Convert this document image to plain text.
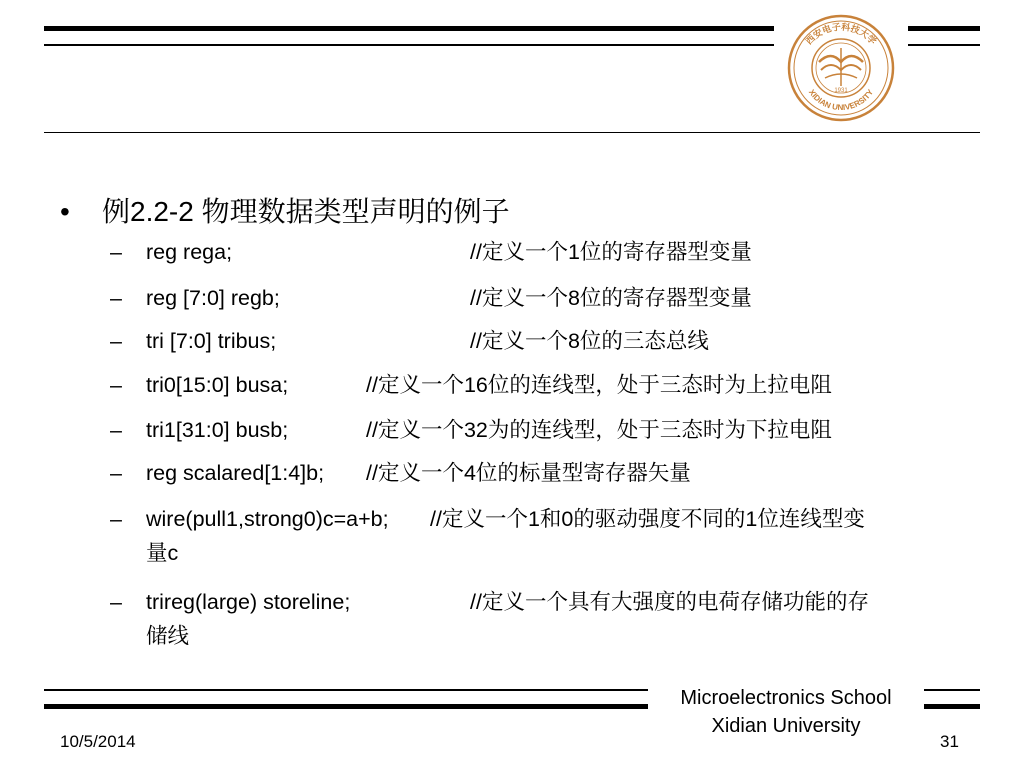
西安电子科技大学
XIDIAN UNIVERSITY
1931
• 例2.2-2 物理数据类型声明的例子
– reg rega;	//定义一个1位的寄存器型变量
– reg [7:0] regb;	//定义一个8位的寄存器型变量
– tri [7:0] tribus;	//定义一个8位的三态总线
– tri0[15:0] busa;	//定义一个16位的连线型，处于三态时为上拉电阻
– tri1[31:0] busb;	//定义一个32为的连线型，处于三态时为下拉电阻
– reg scalared[1:4]b; //定义一个4位的标量型寄存器矢量
– wire(pull1,strong0)c=a+b; //定义一个1和0的驱动强度不同的1位连线型变
量c
– trireg(large) storeline;	//定义一个具有大强度的电荷存储功能的存
储线
Microelectronics School
Xidian University
10/5/2014	31
